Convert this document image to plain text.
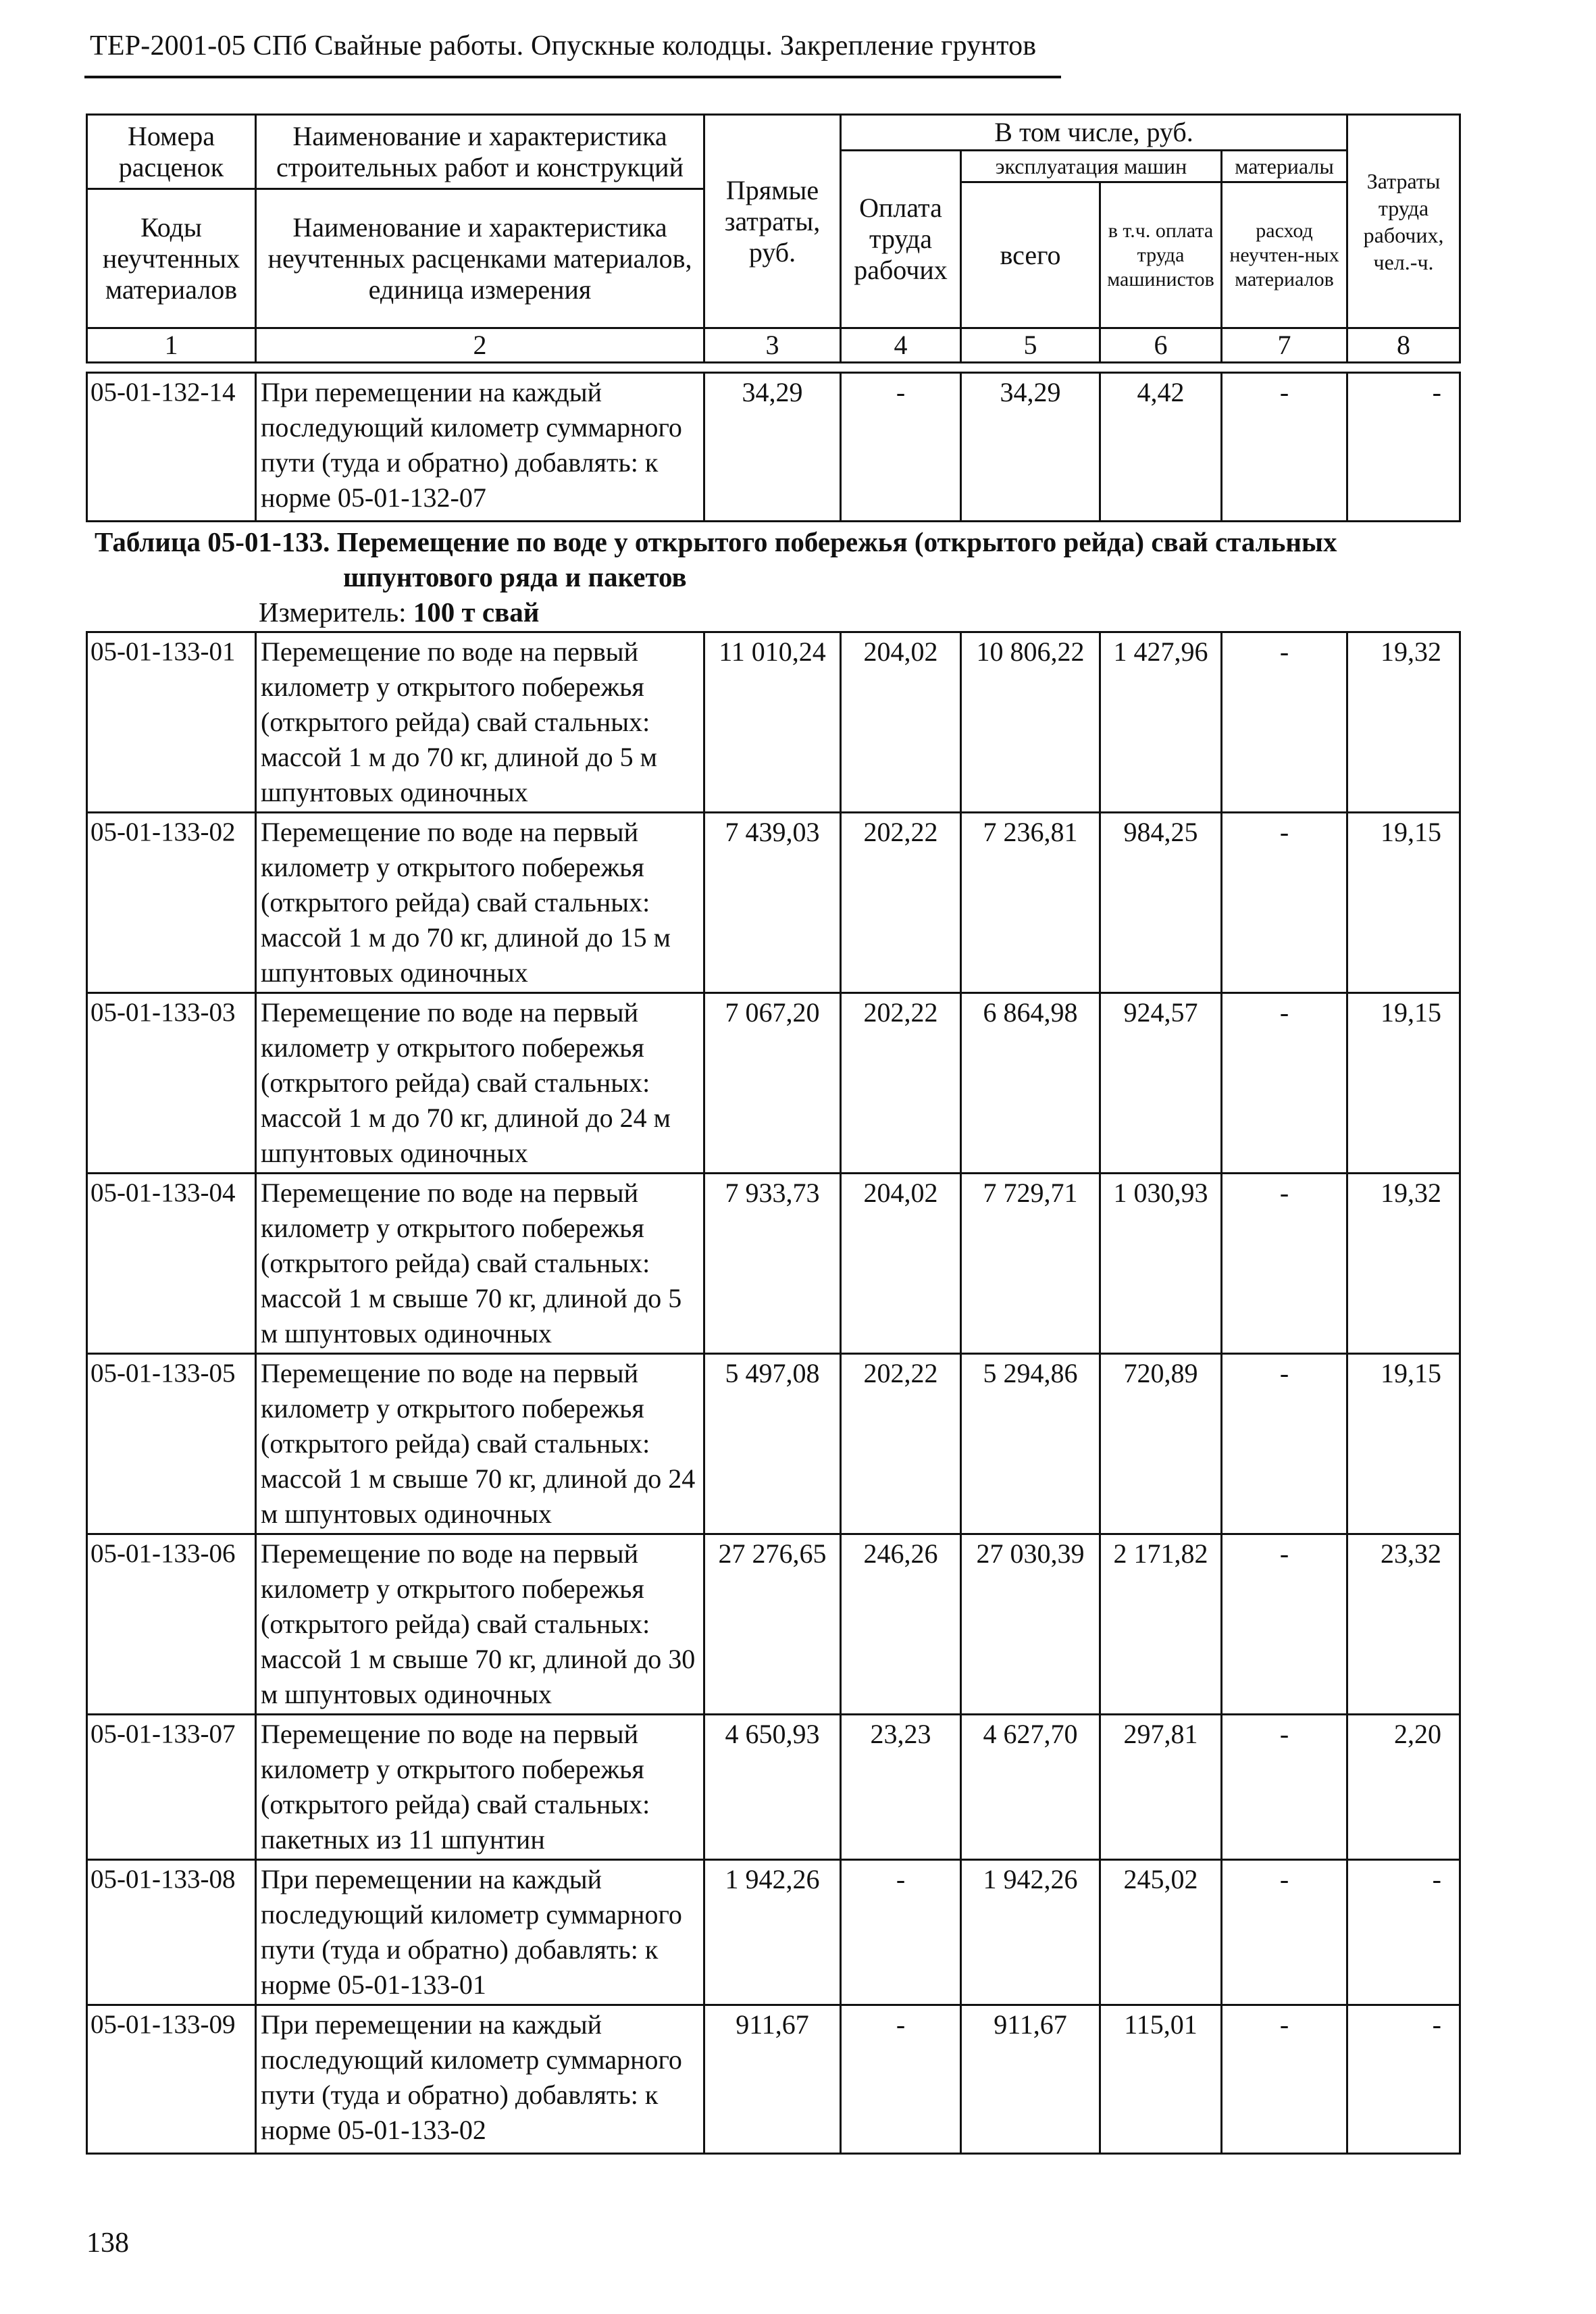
ТЕР-2001-05 СПб Свайные работы. Опускные колодцы. Закрепление грунтов
Номера расценок	Наименование и характеристика строительных работ и конструкций	Прямые затраты, руб.	В том числе, руб.				Затраты труда рабочих, чел.-ч.
			Оплата труда рабочих	эксплуатация машин		материалы	
				всего	в т.ч. оплата труда машинистов	расход неучтен-ных материалов	
Коды неучтенных материалов	Наименование и характеристика неучтенных расценками материалов, единица измерения						

1	2	3	4	5	6	7	8
05-01-132-14	При перемещении на каждый последующий километр суммарного пути (туда и обратно) добавлять: к норме 05-01-132-07	34,29	-	34,29	4,42	-	-
Таблица 05-01-133. Перемещение по воде у открытого побережья (открытого рейда) свай стальных
шпунтового ряда и пакетов
Измеритель: 100 т свай
05-01-133-01	Перемещение по воде на первый километр у открытого побережья (открытого рейда) свай стальных: массой 1 м до 70 кг, длиной до 5 м шпунтовых одиночных	11 010,24	204,02	10 806,22	1 427,96	-	19,32
05-01-133-02	Перемещение по воде на первый километр у открытого побережья (открытого рейда) свай стальных: массой 1 м до 70 кг, длиной до 15 м шпунтовых одиночных	7 439,03	202,22	7 236,81	984,25	-	19,15
05-01-133-03	Перемещение по воде на первый километр у открытого побережья (открытого рейда) свай стальных: массой 1 м до 70 кг, длиной до 24 м шпунтовых одиночных	7 067,20	202,22	6 864,98	924,57	-	19,15
05-01-133-04	Перемещение по воде на первый километр у открытого побережья (открытого рейда) свай стальных: массой 1 м свыше 70 кг, длиной до 5 м шпунтовых одиночных	7 933,73	204,02	7 729,71	1 030,93	-	19,32
05-01-133-05	Перемещение по воде на первый километр у открытого побережья (открытого рейда) свай стальных: массой 1 м свыше 70 кг, длиной до 24 м шпунтовых одиночных	5 497,08	202,22	5 294,86	720,89	-	19,15
05-01-133-06	Перемещение по воде на первый километр у открытого побережья (открытого рейда) свай стальных: массой 1 м свыше 70 кг, длиной до 30 м шпунтовых одиночных	27 276,65	246,26	27 030,39	2 171,82	-	23,32
05-01-133-07	Перемещение по воде на первый километр у открытого побережья (открытого рейда) свай стальных: пакетных из 11 шпунтин	4 650,93	23,23	4 627,70	297,81	-	2,20
05-01-133-08	При перемещении на каждый последующий километр суммарного пути (туда и обратно) добавлять: к норме 05-01-133-01	1 942,26	-	1 942,26	245,02	-	-
05-01-133-09	При перемещении на каждый последующий километр суммарного пути (туда и обратно) добавлять: к норме 05-01-133-02	911,67	-	911,67	115,01	-	-
138
